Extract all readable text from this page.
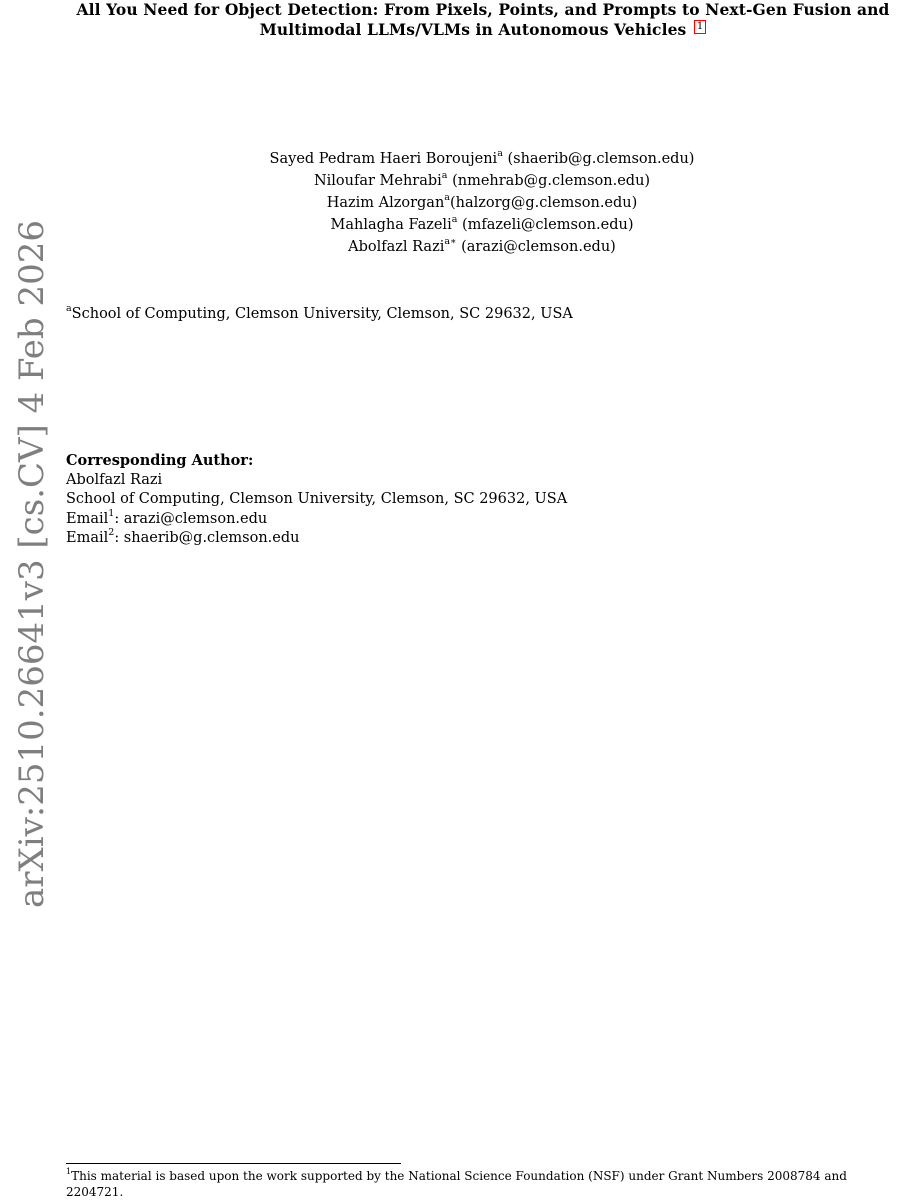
All You Need for Object Detection: From Pixels, Points, and Prompts to Next-Gen Fusion and
Multimodal LLMs/VLMs in Autonomous Vehicles 1
Sayed Pedram Haeri Boroujeni$^a$ (shaerib@g.clemson.edu)
Niloufar Mehrabi$^a$ (nmehrab@g.clemson.edu)
Hazim Alzorgan$^a$(halzorg@g.clemson.edu)
Mahlagha Fazeli$^a$ (mfazeli@clemson.edu)
Abolfazl Razi$^{a∗}$ (arazi@clemson.edu)
$^a$School of Computing, Clemson University, Clemson, SC 29632, USA
Corresponding Author:
Abolfazl Razi
School of Computing, Clemson University, Clemson, SC 29632, USA
Email$^1$: arazi@clemson.edu
Email$^2$: shaerib@g.clemson.edu
arXiv:2510.26641v3 [cs.CV] 4 Feb 2026
$^1$This material is based upon the work supported by the National Science Foundation (NSF) under Grant Numbers 2008784 and 2204721.
